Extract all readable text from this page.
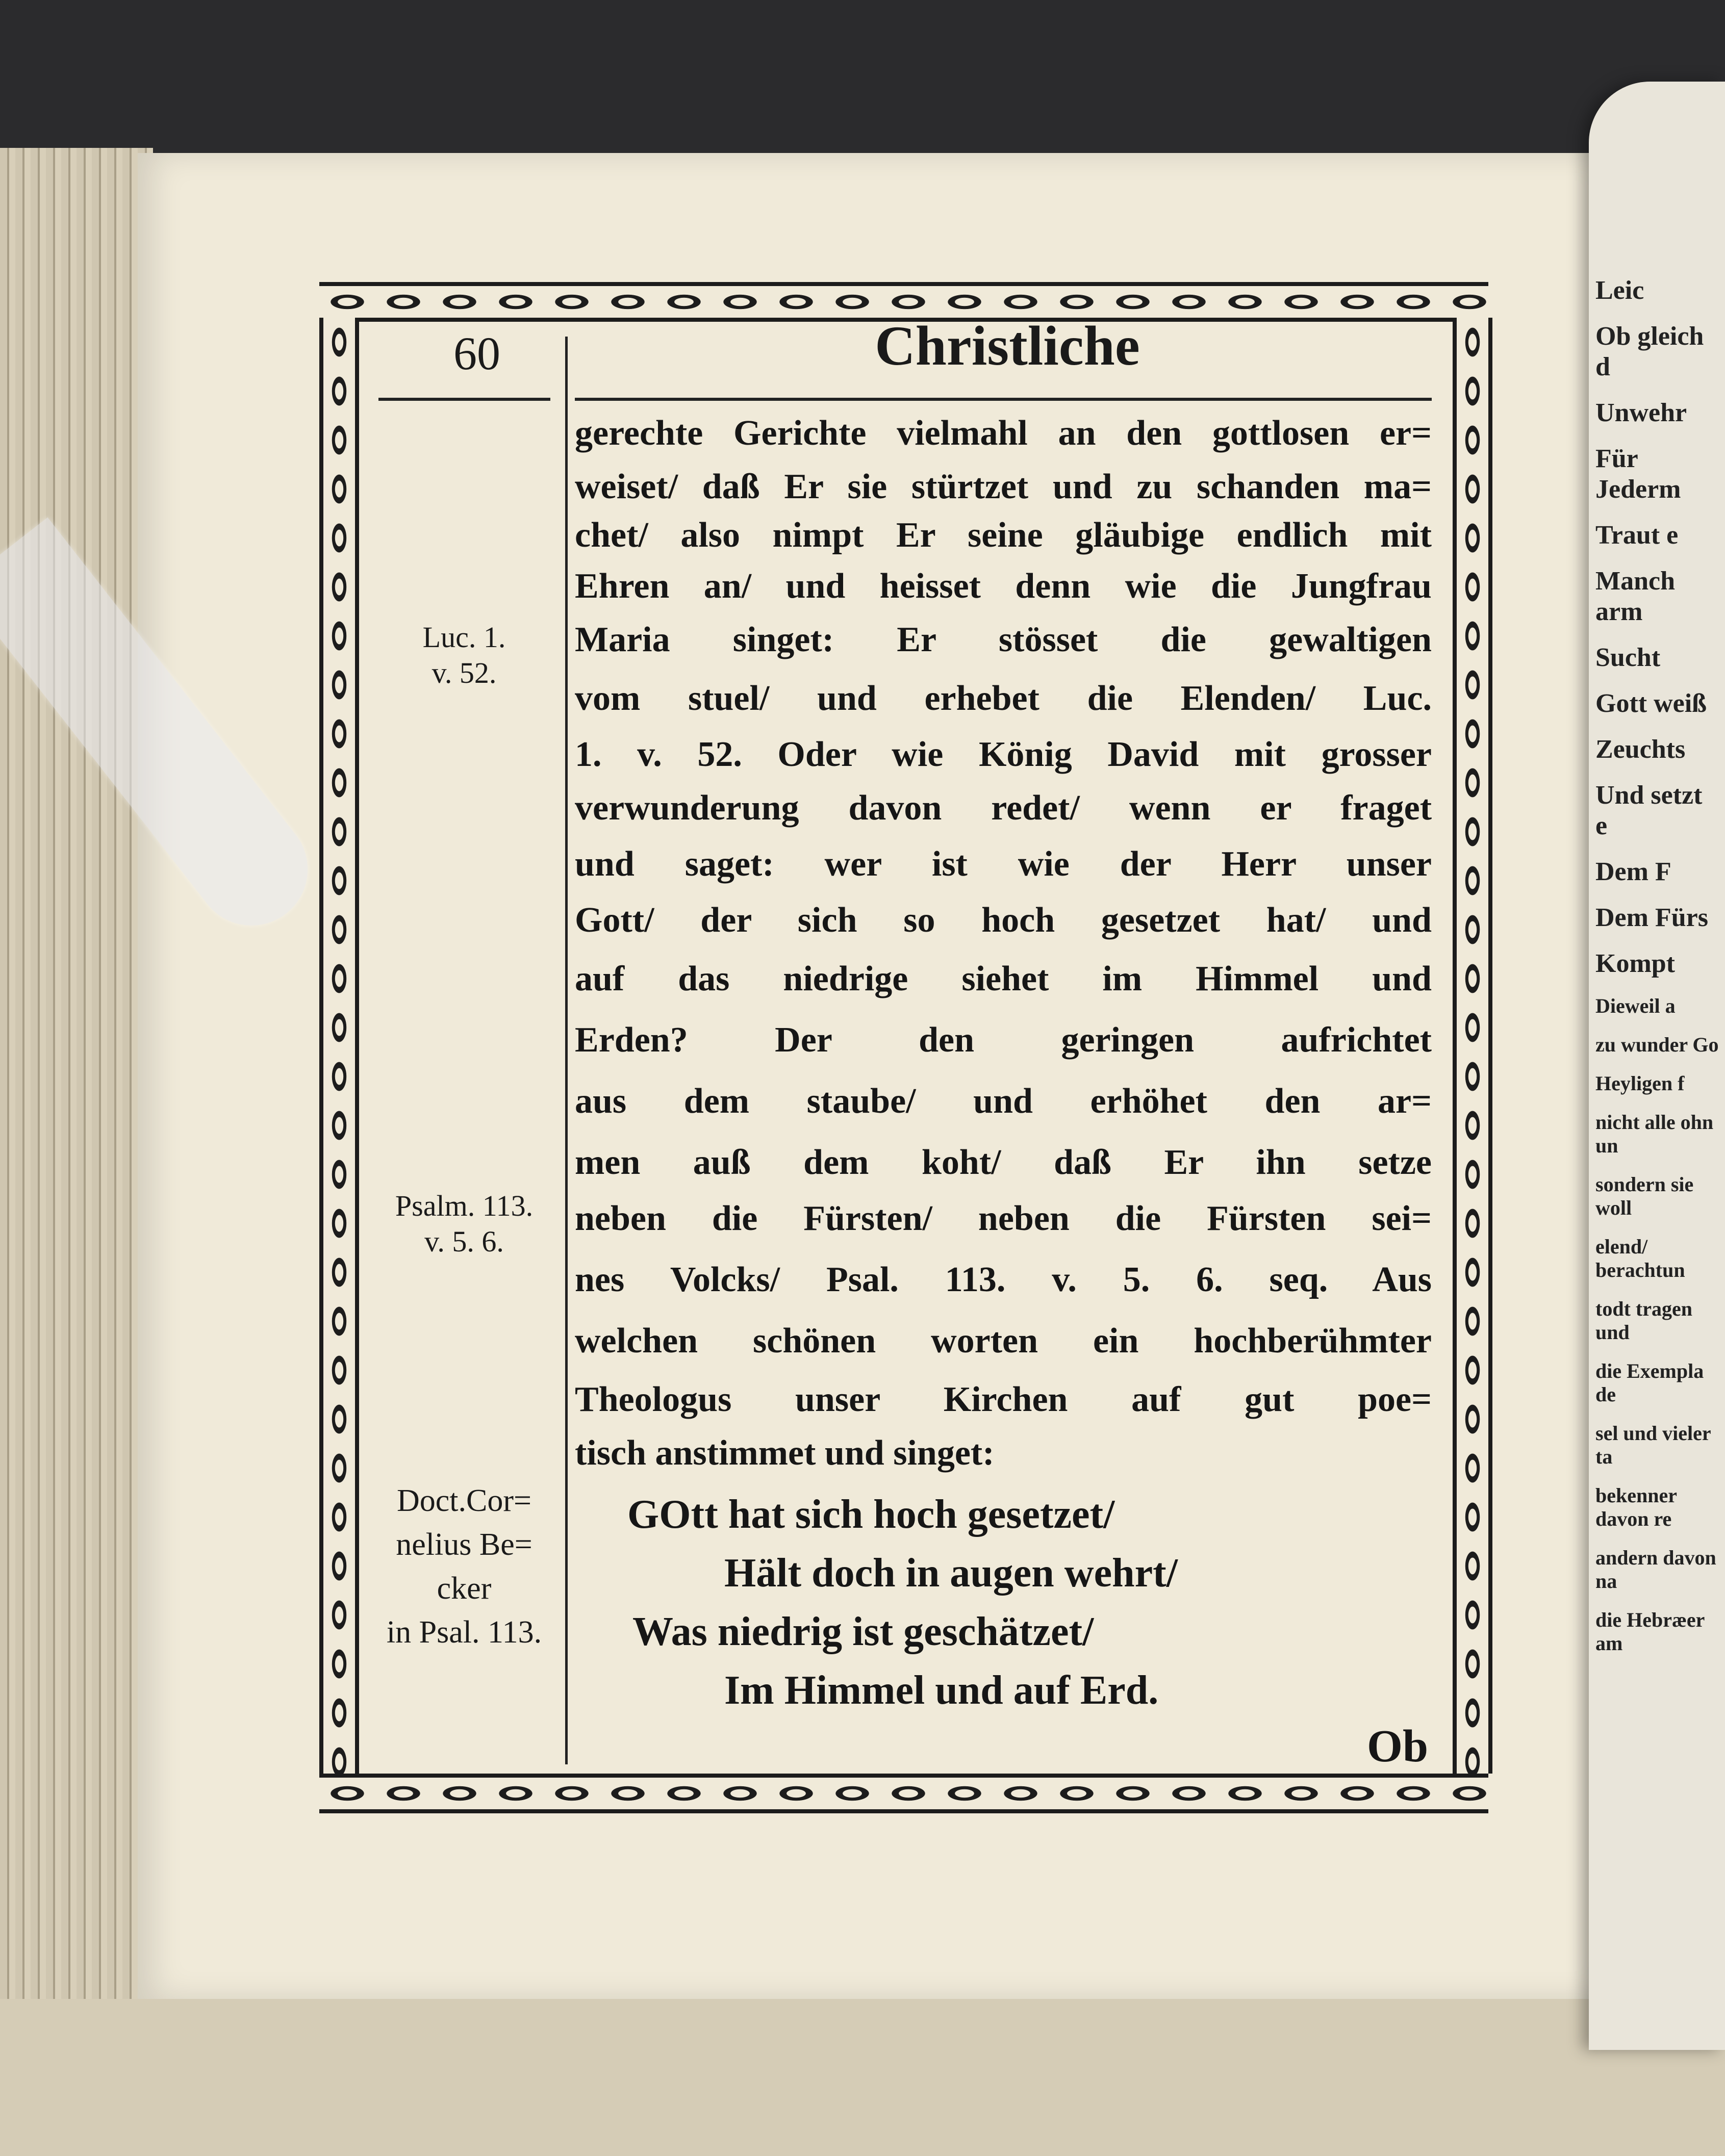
60	Christliche
gerechte Gerichte vielmahl an den gottlosen er=
weiset/ daß Er sie stürtzet und zu schanden ma=
chet/ also nimpt Er seine gläubige endlich mit
Ehren an/ und heisset denn wie die Jungfrau
Maria singet: Er stösset die gewaltigen
vom stuel/ und erhebet die Elenden/ Luc.
1. v. 52. Oder wie König David mit grosser
verwunderung davon redet/ wenn er fraget
und saget: wer ist wie der Herr unser
Gott/ der sich so hoch gesetzet hat/ und
auf das niedrige siehet im Himmel und
Erden? Der den geringen aufrichtet
aus dem staube/ und erhöhet den ar=
men auß dem koht/ daß Er ihn setze
neben die Fürsten/ neben die Fürsten sei=
nes Volcks/ Psal. 113. v. 5. 6. seq. Aus
welchen schönen worten ein hochberühmter
Theologus unser Kirchen auf gut poe=
tisch anstimmet und singet:
GOtt hat sich hoch gesetzet/
Hält doch in augen wehrt/
Was niedrig ist geschätzet/
Im Himmel und auf Erd.
Ob
Luc. 1.
v. 52.
Psalm. 113.
v. 5. 6.
Doct.Cor=
nelius Be=
cker
in Psal. 113.
Leic
Ob gleich d
Unwehr
Für Jederm
Traut e
Manch arm
Sucht
Gott weiß
Zeuchts
Und setzt e
Dem F
Dem Fürs
Kompt
Dieweil a
zu wunder Go
Heyligen f
nicht alle ohn un
sondern sie woll
elend/ berachtun
todt tragen und
die Exempla de
sel und vieler ta
bekenner davon re
andern davon na
die Hebræer am
